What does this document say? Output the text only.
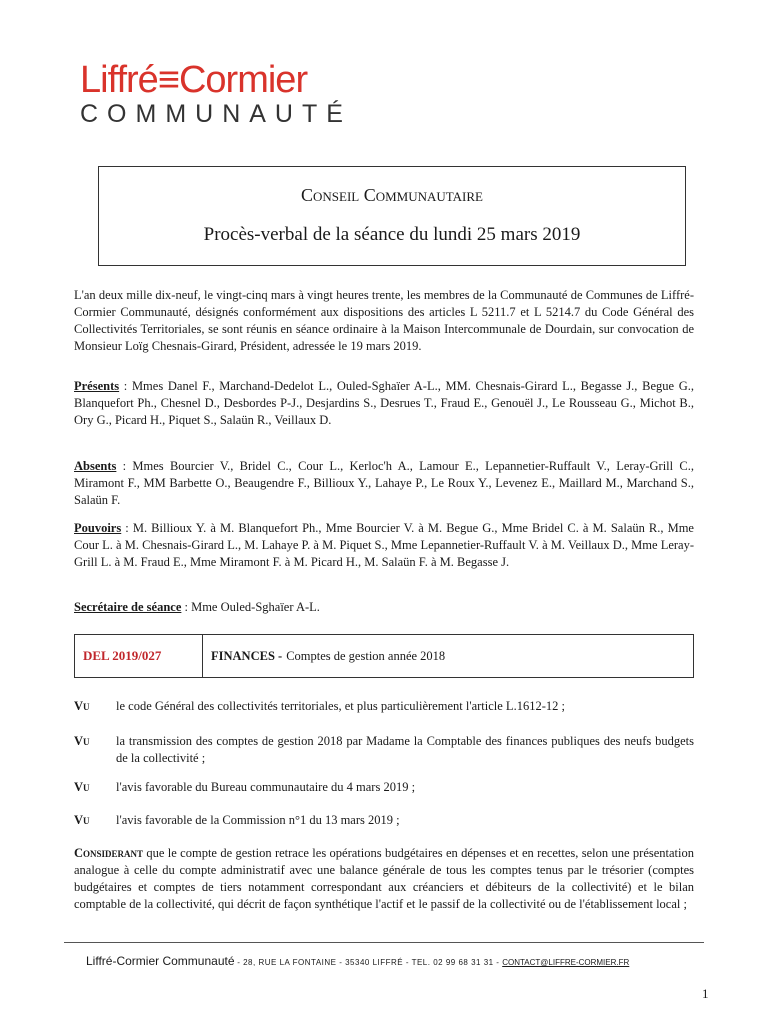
Liffré≡Cormier
COMMUNAUTÉ
Conseil Communautaire
Procès-verbal de la séance du lundi 25 mars 2019

L'an deux mille dix-neuf, le vingt-cinq mars à vingt heures trente, les membres de la Communauté de Communes de Liffré-Cormier Communauté, désignés conformément aux dispositions des articles L 5211.7 et L 5214.7 du Code Général des Collectivités Territoriales, se sont réunis en séance ordinaire à la Maison Intercommunale de Dourdain, sur convocation de Monsieur Loïg Chesnais-Girard, Président, adressée le 19 mars 2019.

Présents : Mmes Danel F., Marchand-Dedelot L., Ouled-Sghaïer A-L., MM. Chesnais-Girard L., Begasse J., Begue G., Blanquefort Ph., Chesnel D., Desbordes P-J., Desjardins S., Desrues T., Fraud E., Genouël J., Le Rousseau G., Michot B., Ory G., Picard H., Piquet S., Salaün R., Veillaux D.

Absents : Mmes Bourcier V., Bridel C., Cour L., Kerloc'h A., Lamour E., Lepannetier-Ruffault V., Leray-Grill C., Miramont F., MM Barbette O., Beaugendre F., Billioux Y., Lahaye P., Le Roux Y., Levenez E., Maillard M., Marchand S., Salaün F.

Pouvoirs : M. Billioux Y. à M. Blanquefort Ph., Mme Bourcier V. à M. Begue G., Mme Bridel C. à M. Salaün R., Mme Cour L. à M. Chesnais-Girard L., M. Lahaye P. à M. Piquet S., Mme Lepannetier-Ruffault V. à M. Veillaux D., Mme Leray-Grill L. à M. Fraud E., Mme Miramont F. à M. Picard H., M. Salaün F. à M. Begasse J.

Secrétaire de séance : Mme Ouled-Sghaïer A-L.

DEL 2019/027	FINANCES - Comptes de gestion année 2018
Vu	le code Général des collectivités territoriales, et plus particulièrement l'article L.1612-12 ;
Vu	la transmission des comptes de gestion 2018 par Madame la Comptable des finances publiques des neufs budgets de la collectivité ;
Vu	l'avis favorable du Bureau communautaire du 4 mars 2019 ;
Vu	l'avis favorable de la Commission n°1 du 13 mars 2019 ;

Considerant que le compte de gestion retrace les opérations budgétaires en dépenses et en recettes, selon une présentation analogue à celle du compte administratif avec une balance générale de tous les comptes tenus par le trésorier (comptes budgétaires et comptes de tiers notamment correspondant aux créanciers et débiteurs de la collectivité) et le bilan comptable de la collectivité, qui décrit de façon synthétique l'actif et le passif de la collectivité ou de l'établissement local ;

Liffré-Cormier Communauté - 28, RUE LA FONTAINE - 35340 LIFFRÉ - TEL. 02 99 68 31 31 - CONTACT@LIFFRE-CORMIER.FR
1
